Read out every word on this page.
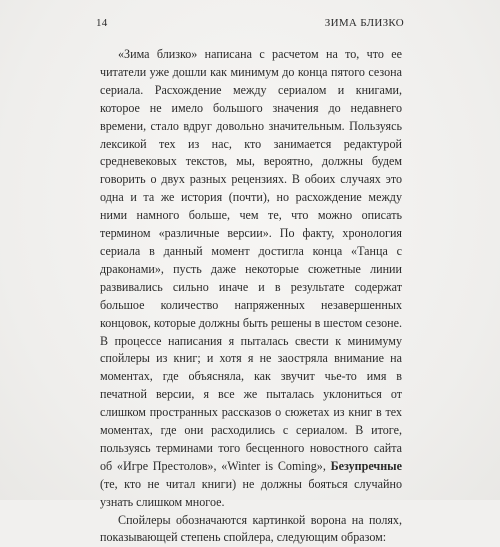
14	ЗИМА БЛИЗКО

«Зима близко» написана с расчетом на то, что ее читатели уже дошли как минимум до конца пятого сезона сериала. Расхождение между сериалом и книгами, которое не имело большого значения до недавнего времени, стало вдруг довольно значительным. Пользуясь лексикой тех из нас, кто занимается редактурой средневековых текстов, мы, вероятно, должны будем говорить о двух разных рецензиях. В обоих случаях это одна и та же история (почти), но расхождение между ними намного больше, чем те, что можно описать термином «различные версии». По факту, хронология сериала в данный момент достигла конца «Танца с драконами», пусть даже некоторые сюжетные линии развивались сильно иначе и в результате содержат большое количество напряженных незавершенных концовок, которые должны быть решены в шестом сезоне. В процессе написания я пыталась свести к минимуму спойлеры из книг; и хотя я не заостряла внимание на моментах, где объясняла, как звучит чье-то имя в печатной версии, я все же пыталась уклониться от слишком пространных рассказов о сюжетах из книг в тех моментах, где они расходились с сериалом. В итоге, пользуясь терминами того бесценного новостного сайта об «Игре Престолов», «Winter is Coming», Безупречные (те, кто не читал книги) не должны бояться случайно узнать слишком многое.

Спойлеры обозначаются картинкой ворона на полях, показывающей степень спойлера, следующим образом:
